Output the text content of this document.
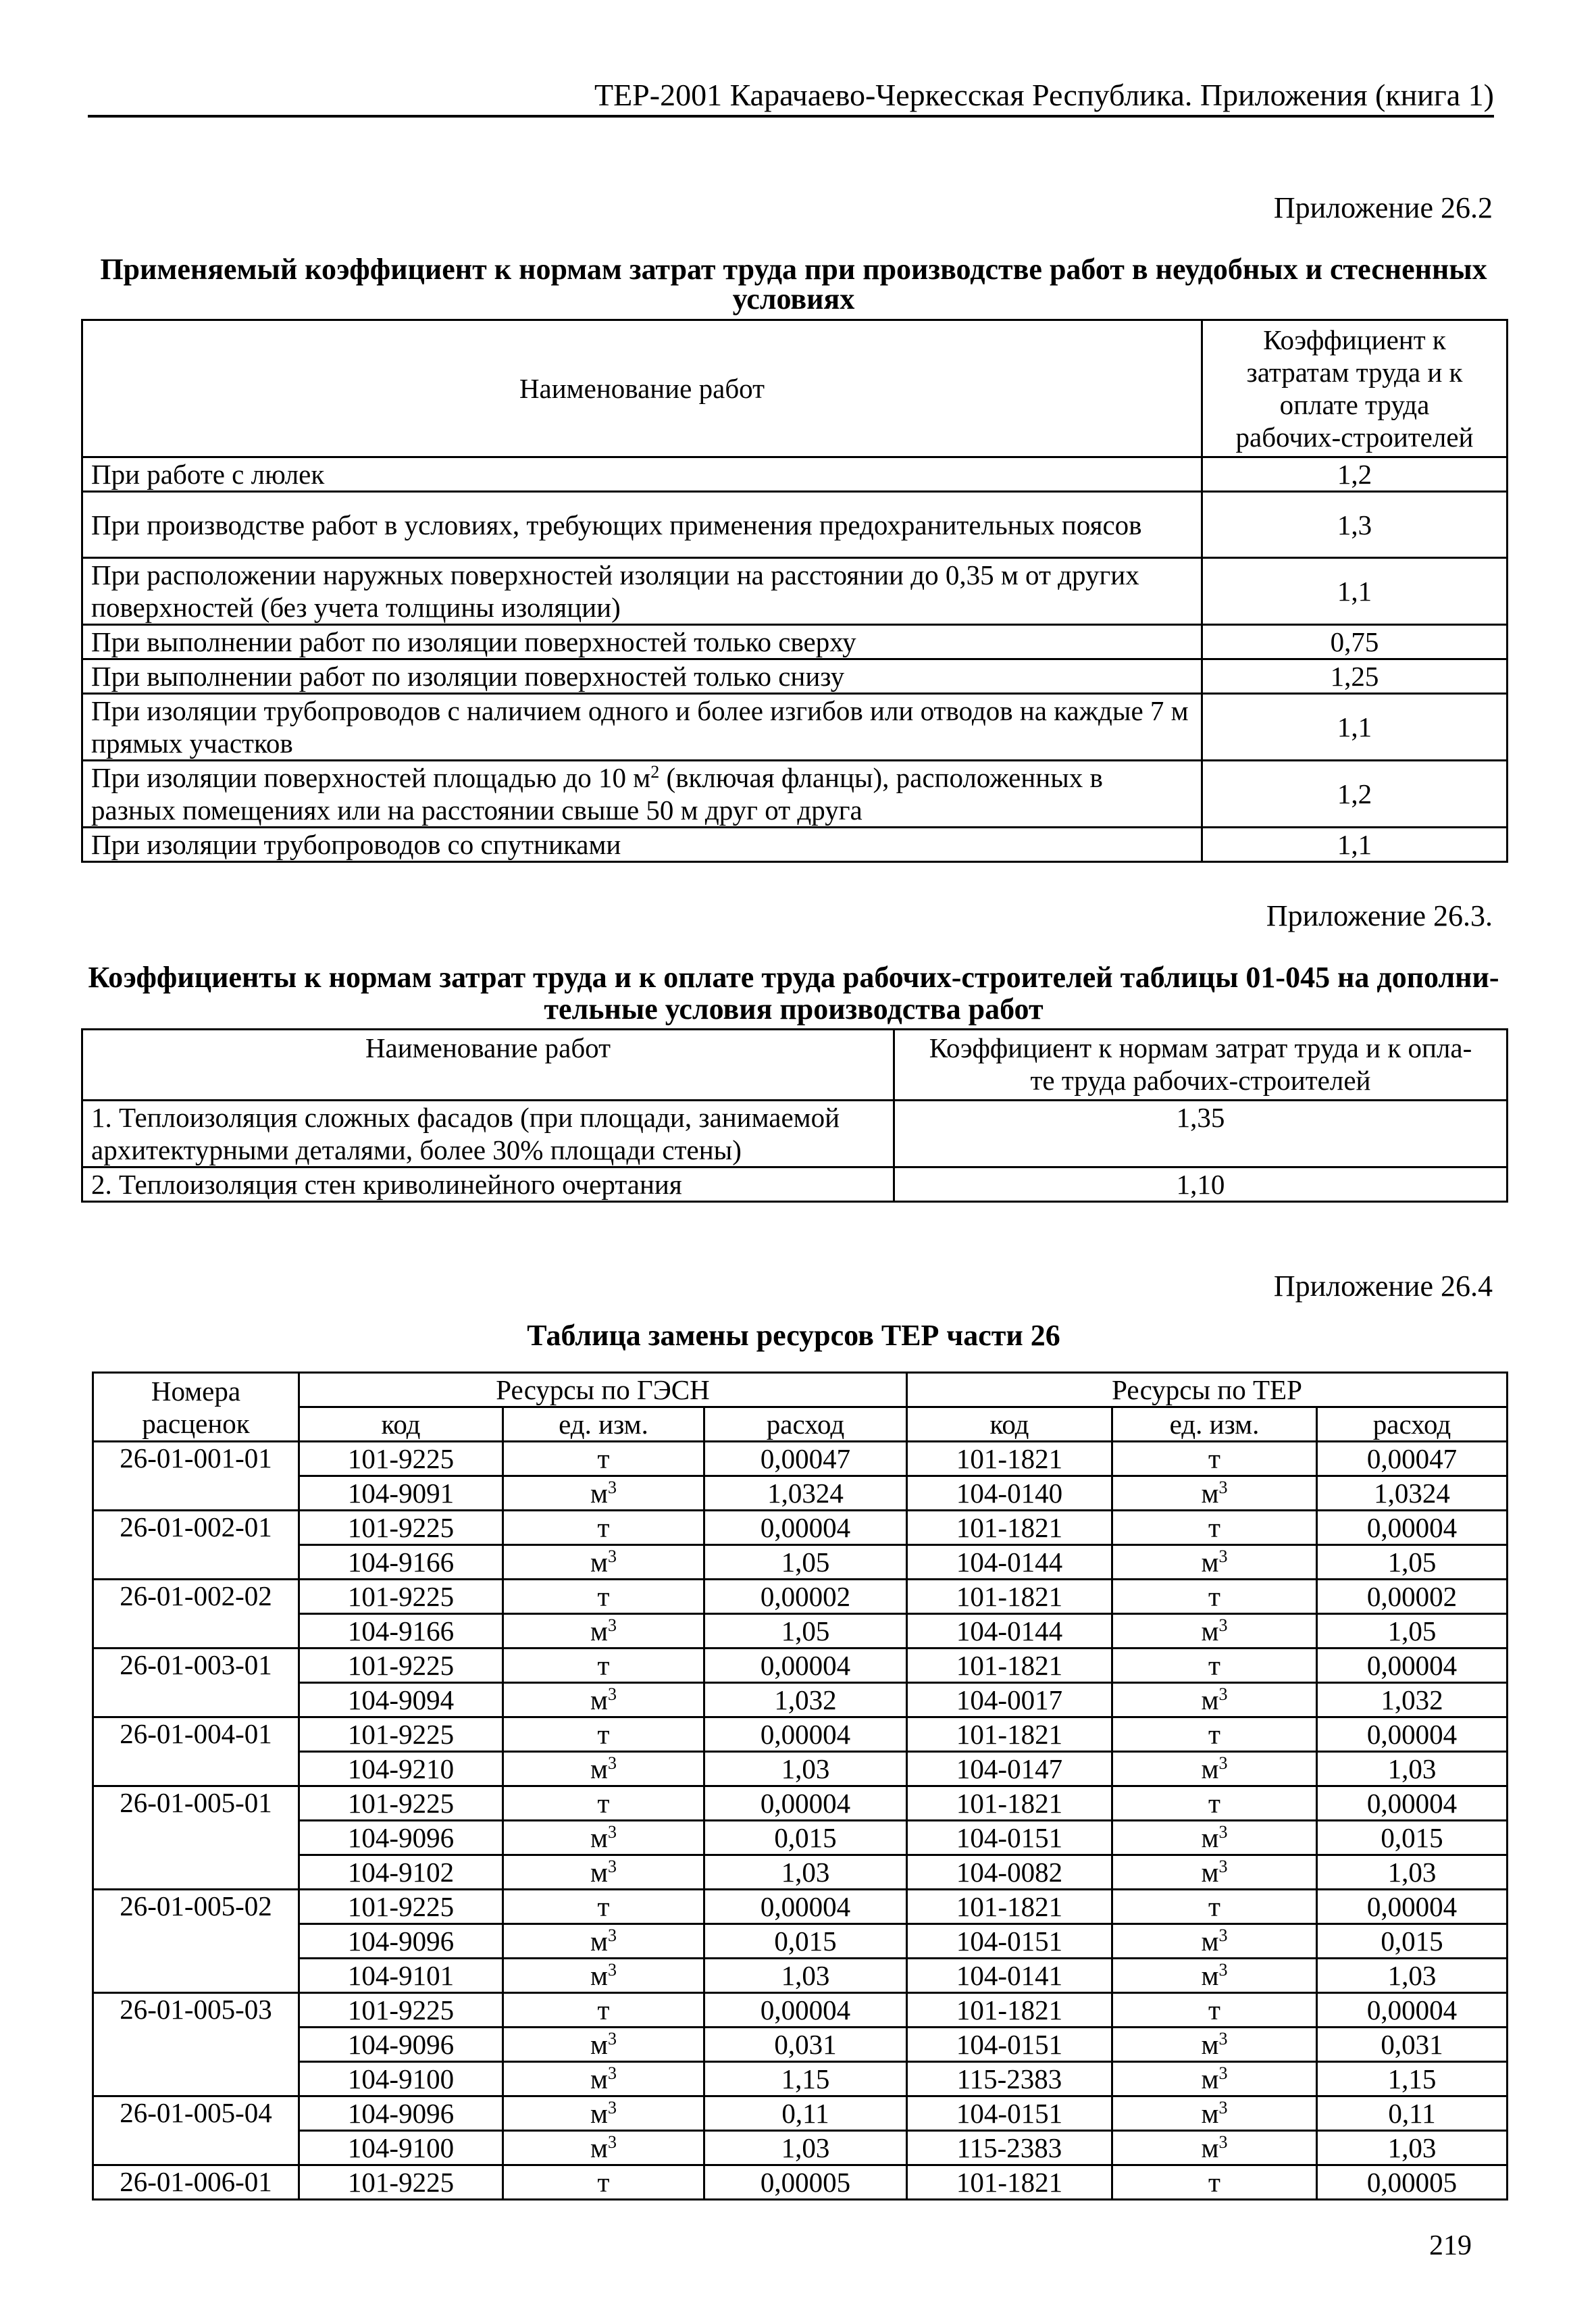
ТЕР-2001 Карачаево-Черкесская Республика. Приложения (книга 1)
Приложение 26.2
Применяемый коэффициент к нормам затрат труда при производстве работ в неудобных и стесненных
условиях
Наименование работ	Коэффициент к
затратам труда и к
оплате труда
рабочих-строителей

При работе с люлек	1,2
При производстве работ в условиях, требующих применения предохранительных поясов	1,3
При расположении наружных поверхностей изоляции на расстоянии до 0,35 м от других поверхностей (без учета толщины изоляции)	1,1
При выполнении работ по изоляции поверхностей только сверху	0,75
При выполнении работ по изоляции поверхностей только снизу	1,25
При изоляции трубопроводов с наличием одного и более изгибов или отводов на каждые 7 м прямых участков	1,1
При изоляции поверхностей площадью до 10 $м^2$ (включая фланцы), расположенных в разных помещениях или на расстоянии свыше 50 м друг от друга	1,2
При изоляции трубопроводов со спутниками	1,1
Приложение 26.3.
Коэффициенты к нормам затрат труда и к оплате труда рабочих-строителей таблицы 01-045 на дополни-
тельные условия производства работ
Наименование работ	Коэффициент к нормам затрат труда и к опла-
те труда рабочих-строителей

1. Теплоизоляция сложных фасадов (при площади, занимаемой архитектурными деталями, более 30% площади стены)	1,35
2. Теплоизоляция стен криволинейного очертания	1,10
Приложение 26.4
Таблица замены ресурсов ТЕР части 26
Номера
расценок	Ресурсы по ГЭСН			Ресурсы по ТЕР		
	код	ед. изм.	расход	код	ед. изм.	расход
26-01-001-01	101-9225	т	0,00047	101-1821	т	0,00047
	104-9091	$м^3$	1,0324	104-0140	$м^3$	1,0324
26-01-002-01	101-9225	т	0,00004	101-1821	т	0,00004
	104-9166	$м^3$	1,05	104-0144	$м^3$	1,05
26-01-002-02	101-9225	т	0,00002	101-1821	т	0,00002
	104-9166	$м^3$	1,05	104-0144	$м^3$	1,05
26-01-003-01	101-9225	т	0,00004	101-1821	т	0,00004
	104-9094	$м^3$	1,032	104-0017	$м^3$	1,032
26-01-004-01	101-9225	т	0,00004	101-1821	т	0,00004
	104-9210	$м^3$	1,03	104-0147	$м^3$	1,03
26-01-005-01	101-9225	т	0,00004	101-1821	т	0,00004
	104-9096	$м^3$	0,015	104-0151	$м^3$	0,015
	104-9102	$м^3$	1,03	104-0082	$м^3$	1,03
26-01-005-02	101-9225	т	0,00004	101-1821	т	0,00004
	104-9096	$м^3$	0,015	104-0151	$м^3$	0,015
	104-9101	$м^3$	1,03	104-0141	$м^3$	1,03
26-01-005-03	101-9225	т	0,00004	101-1821	т	0,00004
	104-9096	$м^3$	0,031	104-0151	$м^3$	0,031
	104-9100	$м^3$	1,15	115-2383	$м^3$	1,15
26-01-005-04	104-9096	$м^3$	0,11	104-0151	$м^3$	0,11
	104-9100	$м^3$	1,03	115-2383	$м^3$	1,03
26-01-006-01	101-9225	т	0,00005	101-1821	т	0,00005
219
